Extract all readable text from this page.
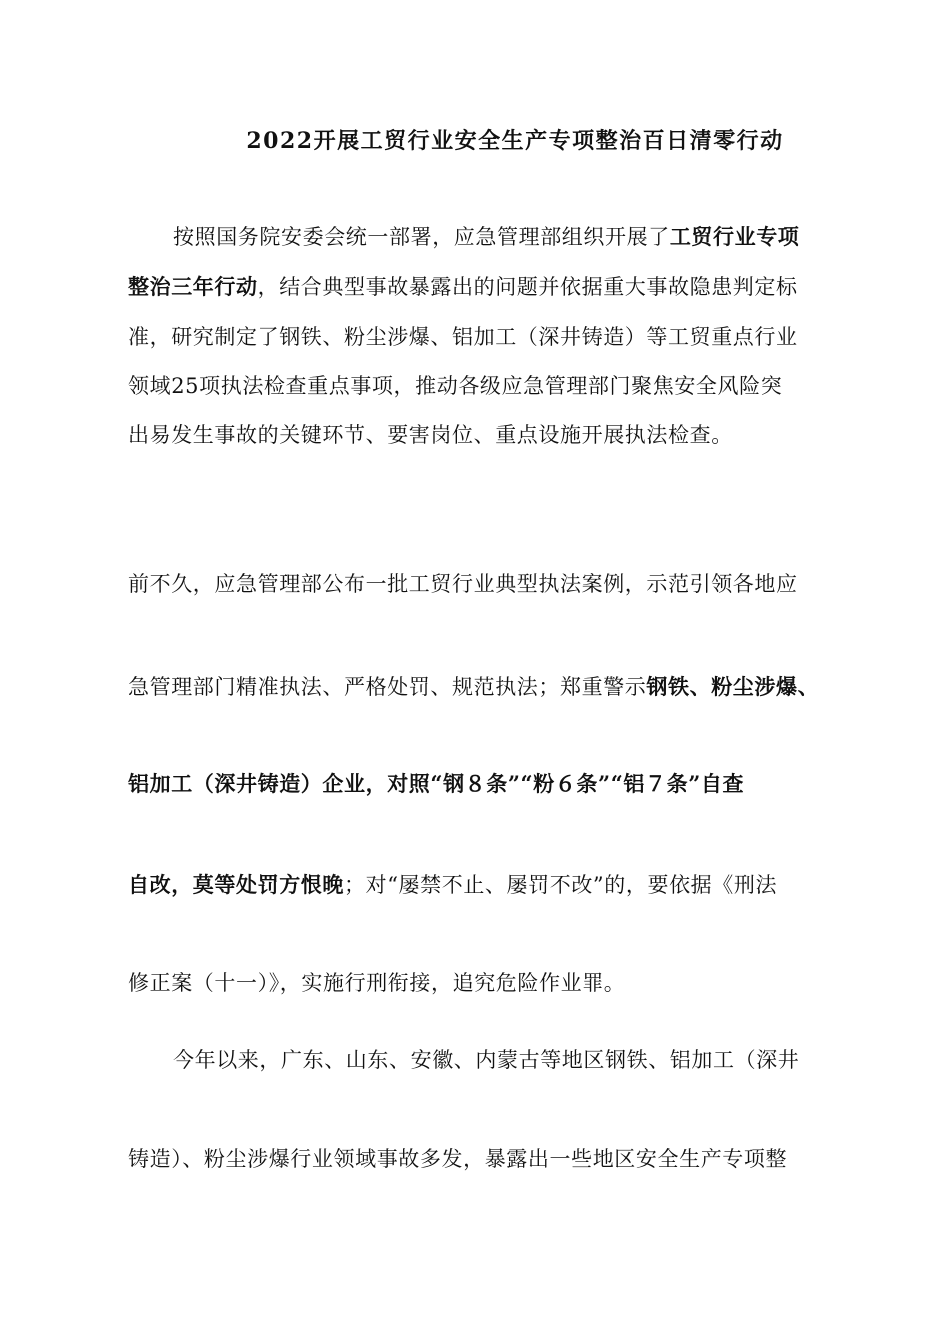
2022开展工贸行业安全生产专项整治百日清零行动
按照国务院安委会统一部署，应急管理部组织开展了工贸行业专项
整治三年行动，结合典型事故暴露出的问题并依据重大事故隐患判定标
准，研究制定了钢铁、粉尘涉爆、铝加工（深井铸造）等工贸重点行业
领域25项执法检查重点事项，推动各级应急管理部门聚焦安全风险突
出易发生事故的关键环节、要害岗位、重点设施开展执法检查。
前不久，应急管理部公布一批工贸行业典型执法案例，示范引领各地应
急管理部门精准执法、严格处罚、规范执法；郑重警示钢铁、粉尘涉爆、
铝加工（深井铸造）企业，对照“钢８条”“粉６条”“铝７条”自查
自改，莫等处罚方恨晚；对“屡禁不止、屡罚不改”的，要依据《刑法
修正案（十一）》，实施行刑衔接，追究危险作业罪。
今年以来，广东、山东、安徽、内蒙古等地区钢铁、铝加工（深井
铸造）、粉尘涉爆行业领域事故多发，暴露出一些地区安全生产专项整
